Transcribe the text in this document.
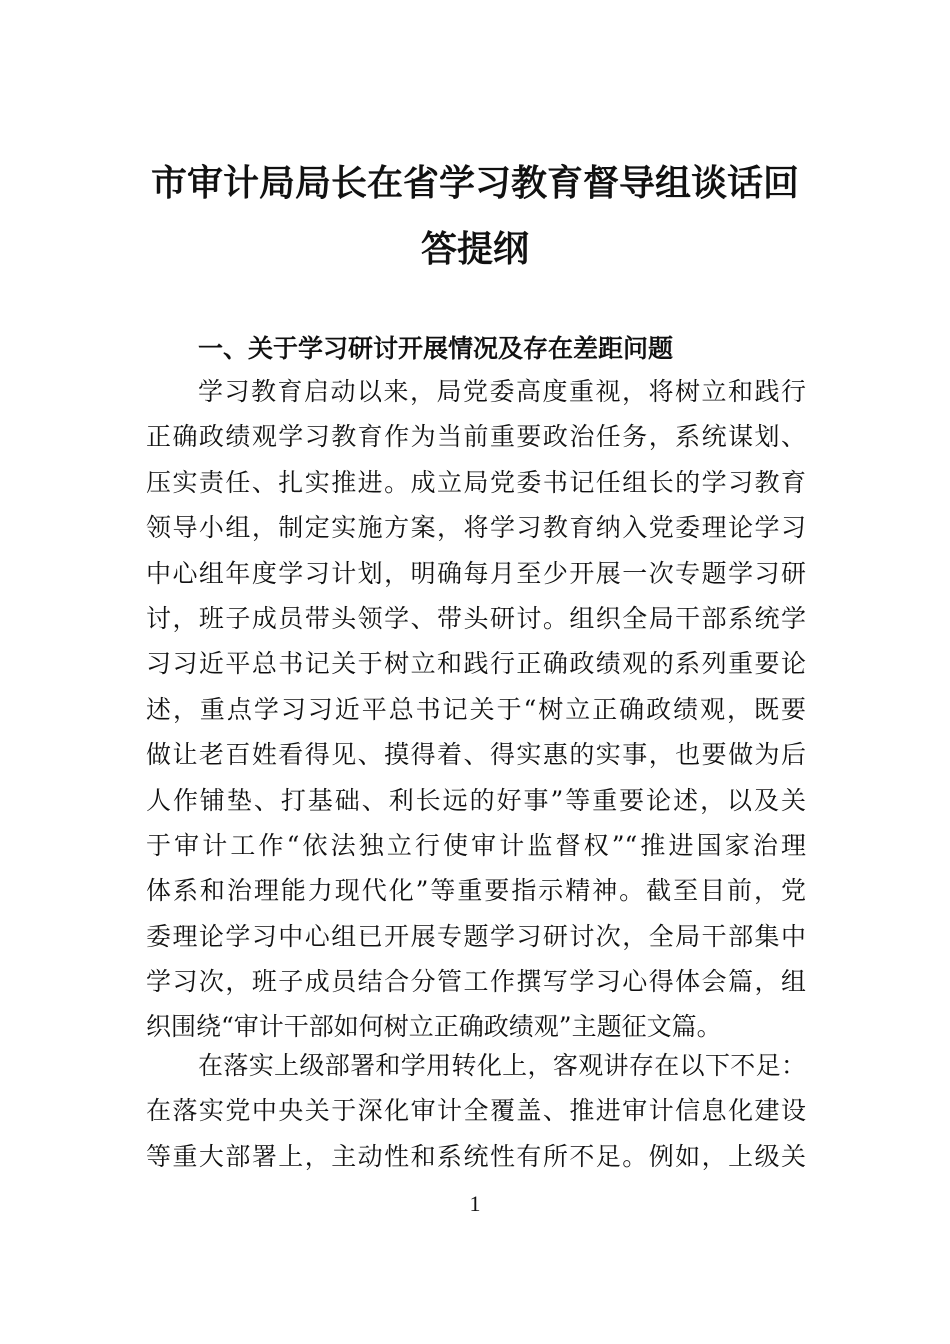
市审计局局长在省学习教育督导组谈话回
答提纲
一、关于学习研讨开展情况及存在差距问题
学习教育启动以来，局党委高度重视，将树立和践行
正确政绩观学习教育作为当前重要政治任务，系统谋划、
压实责任、扎实推进。成立局党委书记任组长的学习教育
领导小组，制定实施方案，将学习教育纳入党委理论学习
中心组年度学习计划，明确每月至少开展一次专题学习研
讨，班子成员带头领学、带头研讨。组织全局干部系统学
习习近平总书记关于树立和践行正确政绩观的系列重要论
述，重点学习习近平总书记关于“树立正确政绩观，既要
做让老百姓看得见、摸得着、得实惠的实事，也要做为后
人作铺垫、打基础、利长远的好事”等重要论述，以及关
于审计工作“依法独立行使审计监督权”“推进国家治理
体系和治理能力现代化”等重要指示精神。截至目前，党
委理论学习中心组已开展专题学习研讨次，全局干部集中
学习次，班子成员结合分管工作撰写学习心得体会篇，组
织围绕“审计干部如何树立正确政绩观”主题征文篇。
在落实上级部署和学用转化上，客观讲存在以下不足：
在落实党中央关于深化审计全覆盖、推进审计信息化建设
等重大部署上，主动性和系统性有所不足。例如，上级关
1
